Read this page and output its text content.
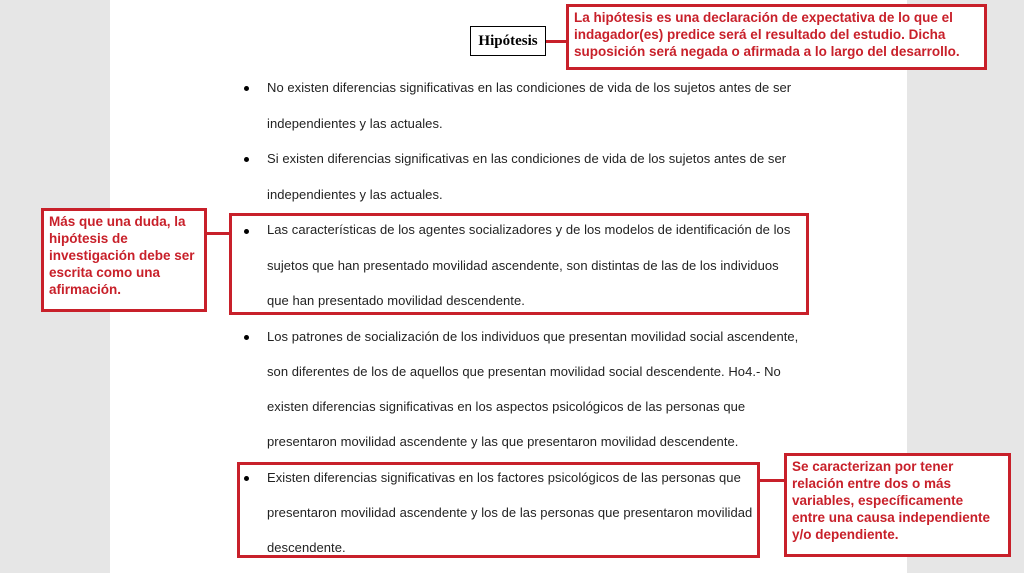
Hipótesis
No existen diferencias significativas en las condiciones de vida de los sujetos antes de ser
independientes y las actuales.
Si existen diferencias significativas en las condiciones de vida de los sujetos antes de ser
independientes y las actuales.
Las características de los agentes socializadores y de los modelos de identificación de los
sujetos que han presentado movilidad ascendente, son distintas de las de los individuos
que han presentado movilidad descendente.
Los patrones de socialización de los individuos que presentan movilidad social ascendente,
son diferentes de los de aquellos que presentan movilidad social descendente. Ho4.- No
existen diferencias significativas en los aspectos psicológicos de las personas que
presentaron movilidad ascendente y las que presentaron movilidad descendente.
Existen diferencias significativas en los factores psicológicos de las personas que
presentaron movilidad ascendente y los de las personas que presentaron movilidad
descendente.
La hipótesis es una declaración de expectativa de lo que el
indagador(es) predice será el resultado del estudio. Dicha
suposición será negada o afirmada a lo largo del desarrollo.
Más que una duda, la
hipótesis de
investigación debe ser
escrita como una
afirmación.
Se caracterizan por tener
relación entre dos o más
variables, específicamente
entre una causa independiente
y/o dependiente.
